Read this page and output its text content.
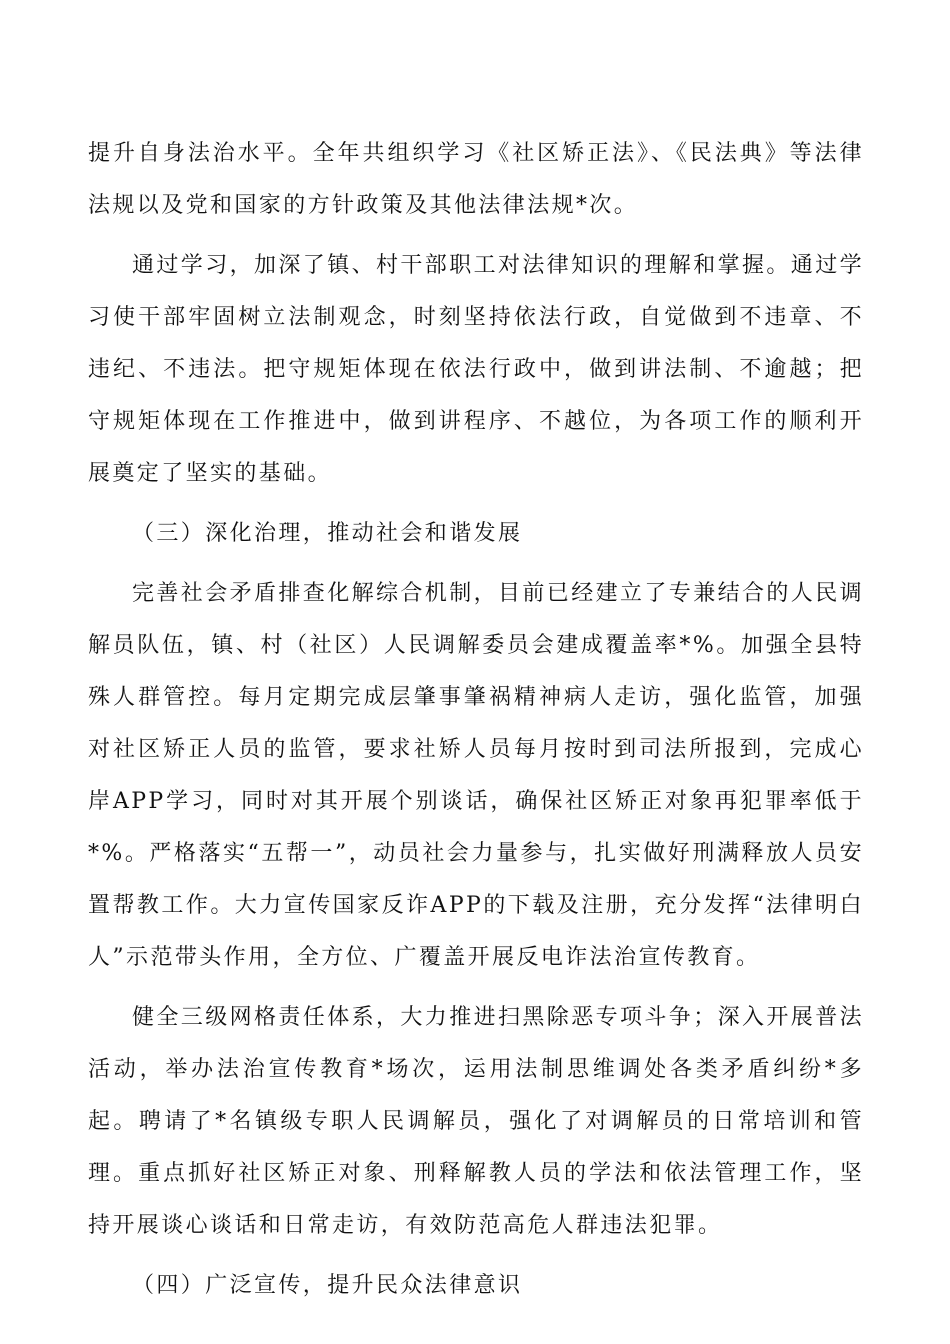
提升自身法治水平。全年共组织学习《社区矫正法》、《民法典》等法律法规以及党和国家的方针政策及其他法律法规*次。

通过学习，加深了镇、村干部职工对法律知识的理解和掌握。通过学习使干部牢固树立法制观念，时刻坚持依法行政，自觉做到不违章、不违纪、不违法。把守规矩体现在依法行政中，做到讲法制、不逾越；把守规矩体现在工作推进中，做到讲程序、不越位，为各项工作的顺利开展奠定了坚实的基础。

（三）深化治理，推动社会和谐发展

完善社会矛盾排查化解综合机制，目前已经建立了专兼结合的人民调解员队伍，镇、村（社区）人民调解委员会建成覆盖率*%。加强全县特殊人群管控。每月定期完成层肇事肇祸精神病人走访，强化监管，加强对社区矫正人员的监管，要求社矫人员每月按时到司法所报到，完成心岸APP学习，同时对其开展个别谈话，确保社区矫正对象再犯罪率低于*%。严格落实“五帮一”，动员社会力量参与，扎实做好刑满释放人员安置帮教工作。大力宣传国家反诈APP的下载及注册，充分发挥“法律明白人”示范带头作用，全方位、广覆盖开展反电诈法治宣传教育。

健全三级网格责任体系，大力推进扫黑除恶专项斗争；深入开展普法活动，举办法治宣传教育*场次，运用法制思维调处各类矛盾纠纷*多起。聘请了*名镇级专职人民调解员，强化了对调解员的日常培训和管理。重点抓好社区矫正对象、刑释解教人员的学法和依法管理工作，坚持开展谈心谈话和日常走访，有效防范高危人群违法犯罪。

（四）广泛宣传，提升民众法律意识
